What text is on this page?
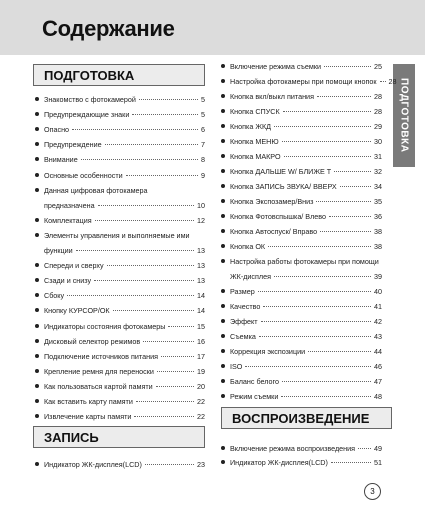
Содержание
ПОДГОТОВКА
ПОДГОТОВКА
Знакомство с фотокамерой	5
Предупреждающие знаки	5
Опасно	6
Предупреждение	7
Внимание	8
Основные особенности	9
Данная цифровая фотокамера
предназначена	10
Комплектация	12
Элементы управления и выполняемые ими
функции	13
Спереди и сверху	13
Сзади и снизу	13
Сбоку	14
Кнопку КУРСОР/ОК	14
Индикаторы состояния фотокамеры	15
Дисковый селектор режимов	16
Подключение источников питания	17
Крепление ремня для переноски	19
Как пользоваться картой памяти	20
Как вставить карту памяти	22
Извлечение карты памяти	22
ЗАПИСЬ
Индикатор ЖК-дисплея(LCD)	23
Включение режима съемки	25
Настройка фотокамеры при помощи кнопок 28
Кнопка вкл/выкл питания	28
Кнопка СПУСК	28
Кнопка ЖКД	29
Кнопка МЕНЮ	30
Кнопка МАКРО	31
Кнопка ДАЛЬШЕ W/ БЛИЖЕ T	32
Кнопка ЗАПИСЬ ЗВУКА/ ВВЕРХ	34
Кнопка Экспозамер/Вниз	35
Кнопка Фотовспышка/ Влево	36
Кнопка Автоспуск/ Вправо	38
Кнопка ОК	38
Настройка работы фотокамеры при помощи
ЖК-дисплея	39
Размер	40
Качество	41
Эффект	42
Съемка	43
Коррекция экспозиции	44
ISO	46
Баланс белого	47
Режим съемки	48
ВОСПРОИЗВЕДЕНИЕ
Включение режима воспроизведения	49
Индикатор ЖК-дисплея(LCD)	51
3
